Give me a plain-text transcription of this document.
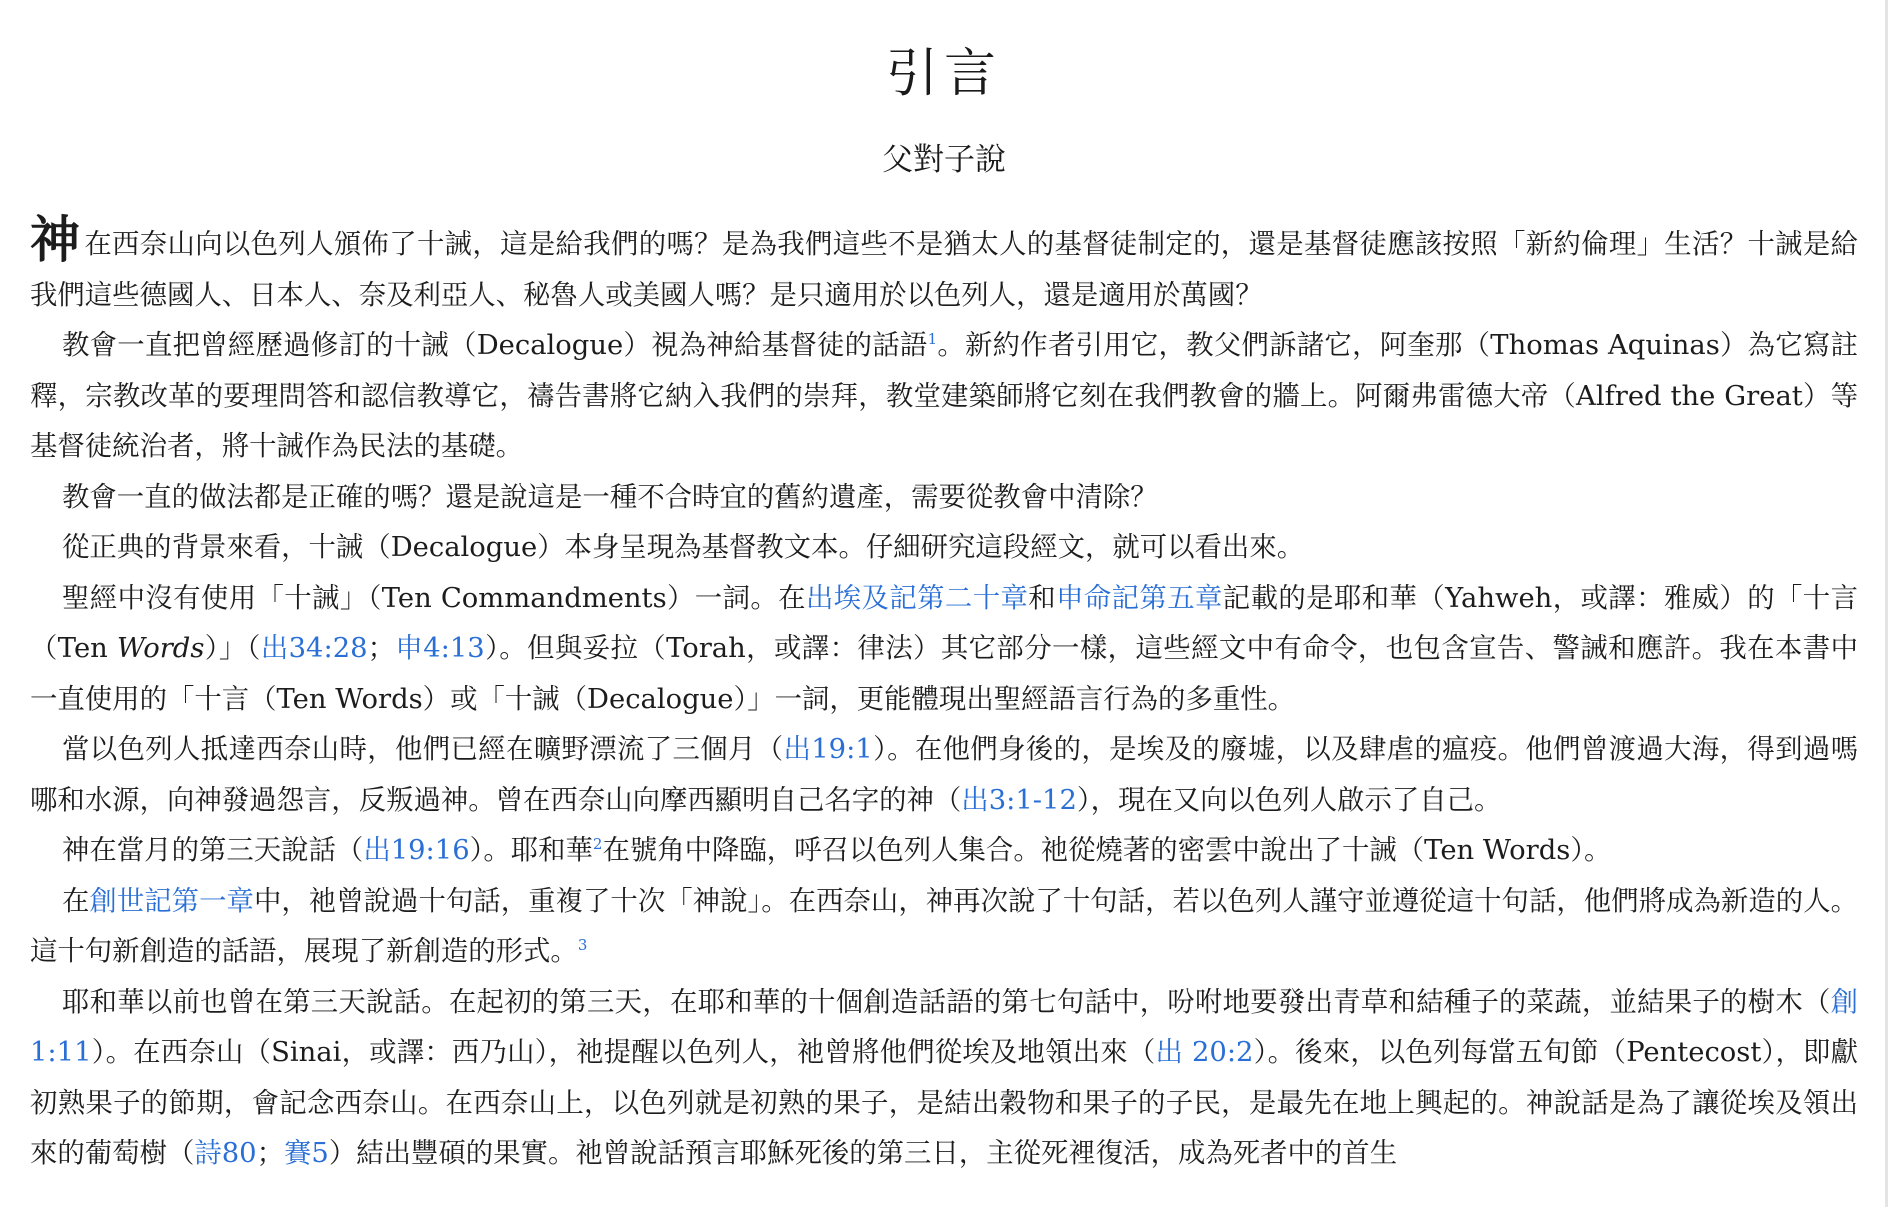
引言
父對子說

神在西奈山向以色列人頒佈了十誡，這是給我們的嗎？是為我們這些不是猶太人的基督徒制定的，還是基督徒應該按照「新約倫理」生活？十誡是給我們這些德國人、日本人、奈及利亞人、秘魯人或美國人嗎？是只適用於以色列人，還是適用於萬國？

教會一直把曾經歷過修訂的十誡（Decalogue）視為神給基督徒的話語$^1$。新約作者引用它，教父們訴諸它，阿奎那（Thomas Aquinas）為它寫註釋，宗教改革的要理問答和認信教導它，禱告書將它納入我們的崇拜，教堂建築師將它刻在我們教會的牆上。阿爾弗雷德大帝（Alfred the Great）等基督徒統治者，將十誡作為民法的基礎。

教會一直的做法都是正確的嗎？還是說這是一種不合時宜的舊約遺產，需要從教會中清除？

從正典的背景來看，十誡（Decalogue）本身呈現為基督教文本。仔細研究這段經文，就可以看出來。

聖經中沒有使用「十誡」（Ten Commandments）一詞。在出埃及記第二十章和申命記第五章記載的是耶和華（Yahweh，或譯：雅威）的「十言（Ten Words）」（出34:28；申4:13）。但與妥拉（Torah，或譯：律法）其它部分一樣，這些經文中有命令，也包含宣告、警誡和應許。我在本書中一直使用的「十言（Ten Words）或「十誡（Decalogue）」一詞，更能體現出聖經語言行為的多重性。

當以色列人抵達西奈山時，他們已經在曠野漂流了三個月（出19:1）。在他們身後的，是埃及的廢墟，以及肆虐的瘟疫。他們曾渡過大海，得到過嗎哪和水源，向神發過怨言，反叛過神。曾在西奈山向摩西顯明自己名字的神（出3:1-12），現在又向以色列人啟示了自己。

神在當月的第三天說話（出19:16）。耶和華$^2$在號角中降臨，呼召以色列人集合。祂從燒著的密雲中說出了十誡（Ten Words）。

在創世記第一章中，祂曾說過十句話，重複了十次「神說」。在西奈山，神再次說了十句話，若以色列人謹守並遵從這十句話，他們將成為新造的人。這十句新創造的話語，展現了新創造的形式。$^3$

耶和華以前也曾在第三天說話。在起初的第三天，在耶和華的十個創造話語的第七句話中，吩咐地要發出青草和結種子的菜蔬，並結果子的樹木（創1:11）。在西奈山（Sinai，或譯：西乃山），祂提醒以色列人，祂曾將他們從埃及地領出來（出 20:2）。後來，以色列每當五旬節（Pentecost），即獻初熟果子的節期，會記念西奈山。在西奈山上，以色列就是初熟的果子，是結出穀物和果子的子民，是最先在地上興起的。神說話是為了讓從埃及領出來的葡萄樹（詩80；賽5）結出豐碩的果實。祂曾說話預言耶穌死後的第三日，主從死裡復活，成為死者中的首生
